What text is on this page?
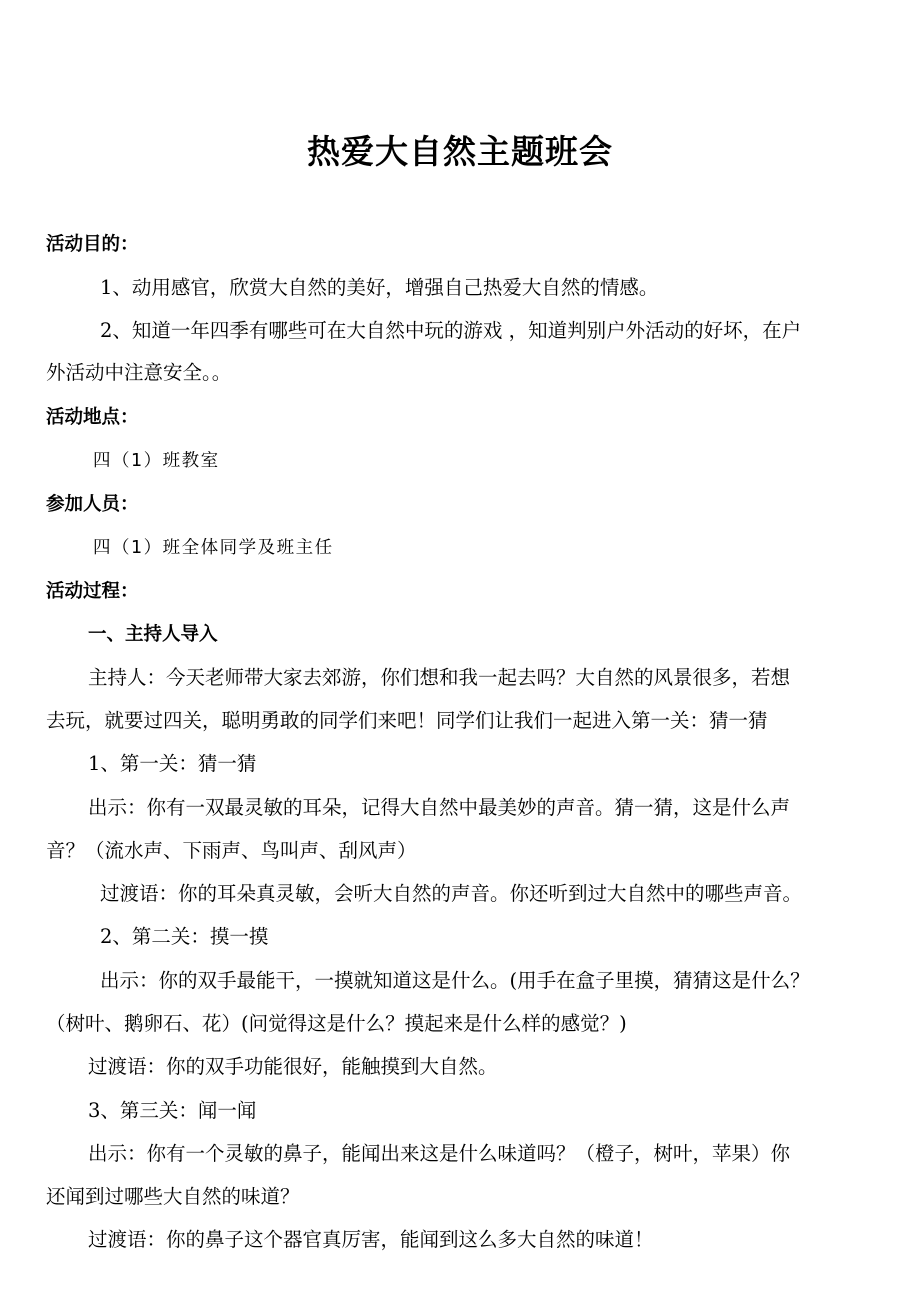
热爱大自然主题班会
活动目的：
1、动用感官，欣赏大自然的美好，增强自己热爱大自然的情感。
2、知道一年四季有哪些可在大自然中玩的游戏 ，知道判别户外活动的好坏，在户
外活动中注意安全。。
活动地点：
四（1）班教室
参加人员：
四（1）班全体同学及班主任
活动过程：
一、主持人导入
主持人：今天老师带大家去郊游，你们想和我一起去吗？大自然的风景很多，若想
去玩，就要过四关，聪明勇敢的同学们来吧！同学们让我们一起进入第一关：猜一猜
1、第一关：猜一猜
出示：你有一双最灵敏的耳朵，记得大自然中最美妙的声音。猜一猜，这是什么声
音？（流水声、下雨声、鸟叫声、刮风声）
过渡语：你的耳朵真灵敏，会听大自然的声音。你还听到过大自然中的哪些声音。
2、第二关：摸一摸
出示：你的双手最能干，一摸就知道这是什么。(用手在盒子里摸，猜猜这是什么？
（树叶、鹅卵石、花）(问觉得这是什么？摸起来是什么样的感觉？)
过渡语：你的双手功能很好，能触摸到大自然。
3、第三关：闻一闻
出示：你有一个灵敏的鼻子，能闻出来这是什么味道吗？（橙子，树叶，苹果）你
还闻到过哪些大自然的味道？
过渡语：你的鼻子这个器官真厉害，能闻到这么多大自然的味道！
